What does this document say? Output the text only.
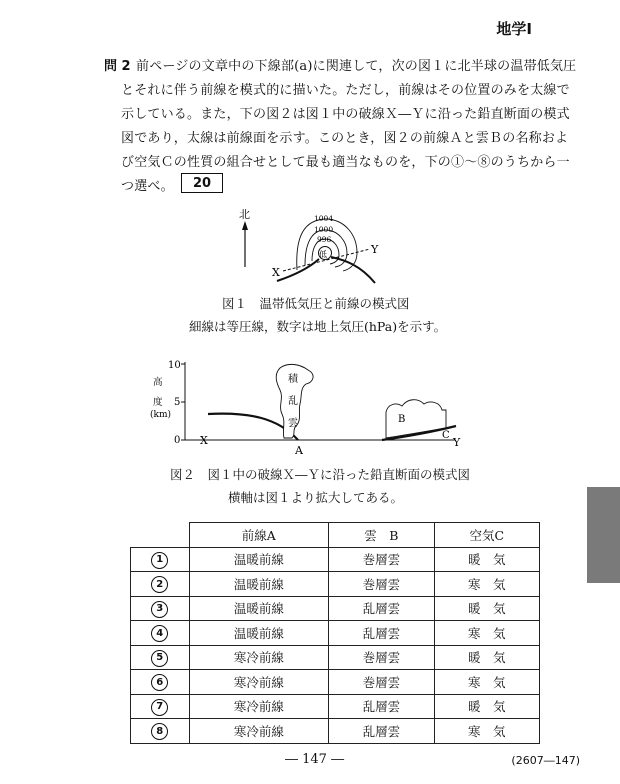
地学Ⅰ
問 2 前ページの文章中の下線部(a)に関連して，次の図１に北半球の温帯低気圧
とそれに伴う前線を模式的に描いた。ただし，前線はその位置のみを太線で
示している。また，下の図２は図１中の破線Ｘ―Ｙに沿った鉛直断面の模式
図であり，太線は前線面を示す。このとき，図２の前線Ａと雲Ｂの名称およ
び空気Ｃの性質の組合せとして最も適当なものを，下の①～⑧のうちから一
つ選べ。	20
北
低
1004
1000
996
X
Y
図１　温帯低気圧と前線の模式図
細線は等圧線，数字は地上気圧(hPa)を示す。
10
5
0
高
度
(km)
X
積
乱
雲
A
B
C
Y
図２　図１中の破線Ｘ―Ｙに沿った鉛直断面の模式図
横軸は図１より拡大してある。
	前線A	雲　B	空気C
1	温暖前線	巻層雲	暖　気
2	温暖前線	巻層雲	寒　気
3	温暖前線	乱層雲	暖　気
4	温暖前線	乱層雲	寒　気
5	寒冷前線	巻層雲	暖　気
6	寒冷前線	巻層雲	寒　気
7	寒冷前線	乱層雲	暖　気
8	寒冷前線	乱層雲	寒　気
― 147 ―	(2607―147)
